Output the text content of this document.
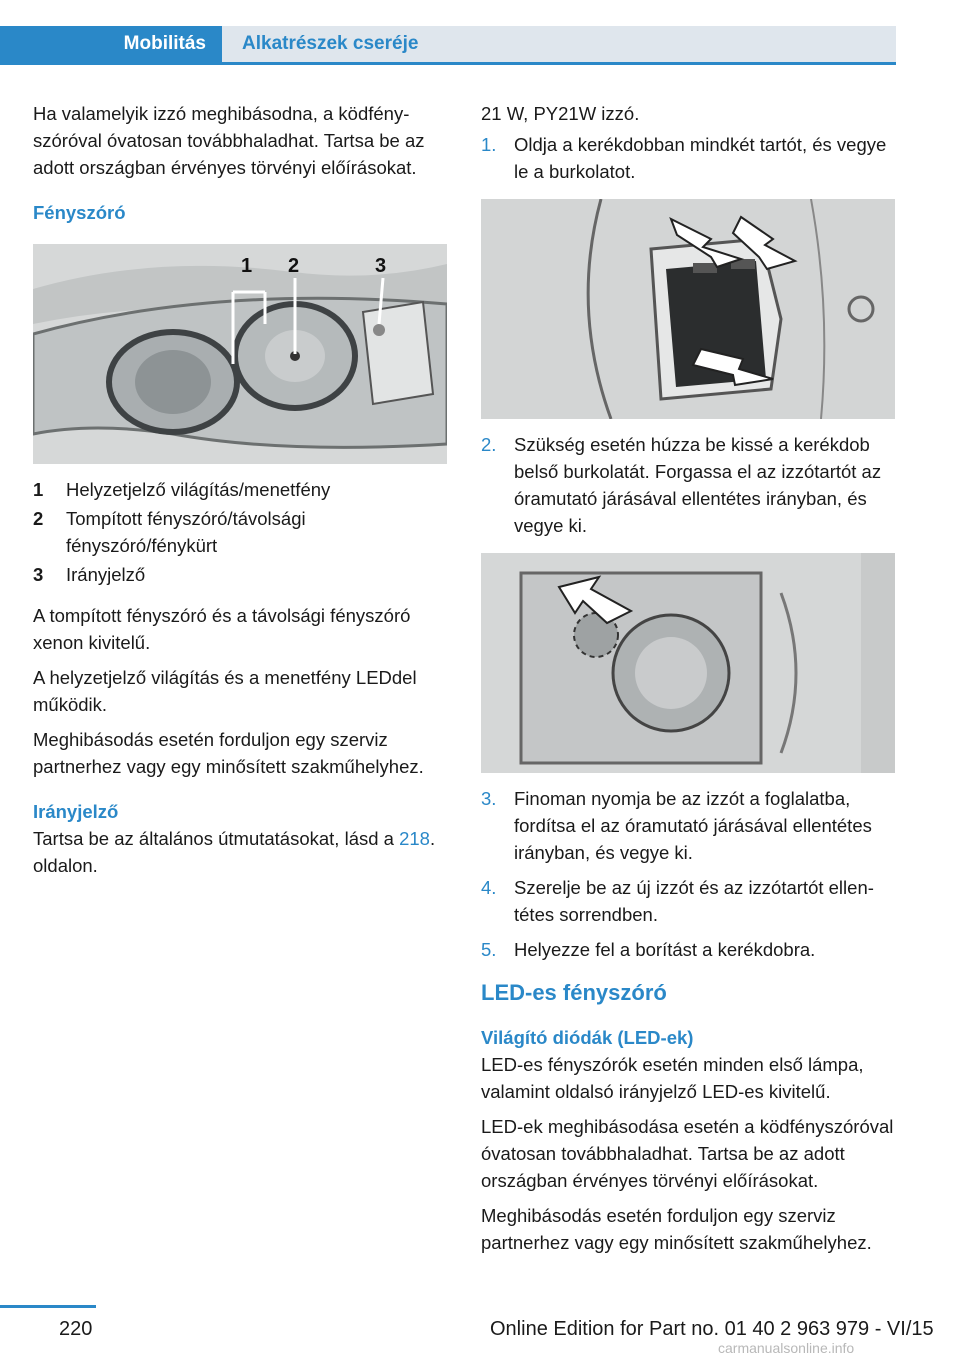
Mobilitás	Alkatrészek cseréje

Ha valamelyik izzó meghibásodna, a ködfényszóróval óvatosan továbbhaladhat. Tartsa be az adott országban érvényes törvényi előírásokat.

Fényszóró

1 2	3
1	Helyzetjelző világítás/menetfény
2	Tompított fényszóró/távolsági fényszóró/fénykürt
3	Irányjelző

A tompított fényszóró és a távolsági fényszóró xenon kivitelű.

A helyzetjelző világítás és a menetfény LEDdel működik.

Meghibásodás esetén forduljon egy szerviz partnerhez vagy egy minősített szakműhelyhez.

Irányjelző

Tartsa be az általános útmutatásokat, lásd a 218. oldalon.

21 W, PY21W izzó.

1. Oldja a kerékdobban mindkét tartót, és vegye le a burkolatot.
2. Szükség esetén húzza be kissé a kerékdob belső burkolatát. Forgassa el az izzótartót az óramutató járásával ellentétes irányban, és vegye ki.
3. Finoman nyomja be az izzót a foglalatba, fordítsa el az óramutató járásával ellentétes irányban, és vegye ki.
4. Szerelje be az új izzót és az izzótartót ellentétes sorrendben.
5. Helyezze fel a borítást a kerékdobra.
LED-es fényszóró

Világító diódák (LED-ek)

LED-es fényszórók esetén minden első lámpa, valamint oldalsó irányjelző LED-es kivitelű.

LED-ek meghibásodása esetén a ködfényszóróval óvatosan továbbhaladhat. Tartsa be az adott országban érvényes törvényi előírásokat.

Meghibásodás esetén forduljon egy szerviz partnerhez vagy egy minősített szakműhelyhez.

220	Online Edition for Part no. 01 40 2 963 979 - VI/15
carmanualsonline.info
